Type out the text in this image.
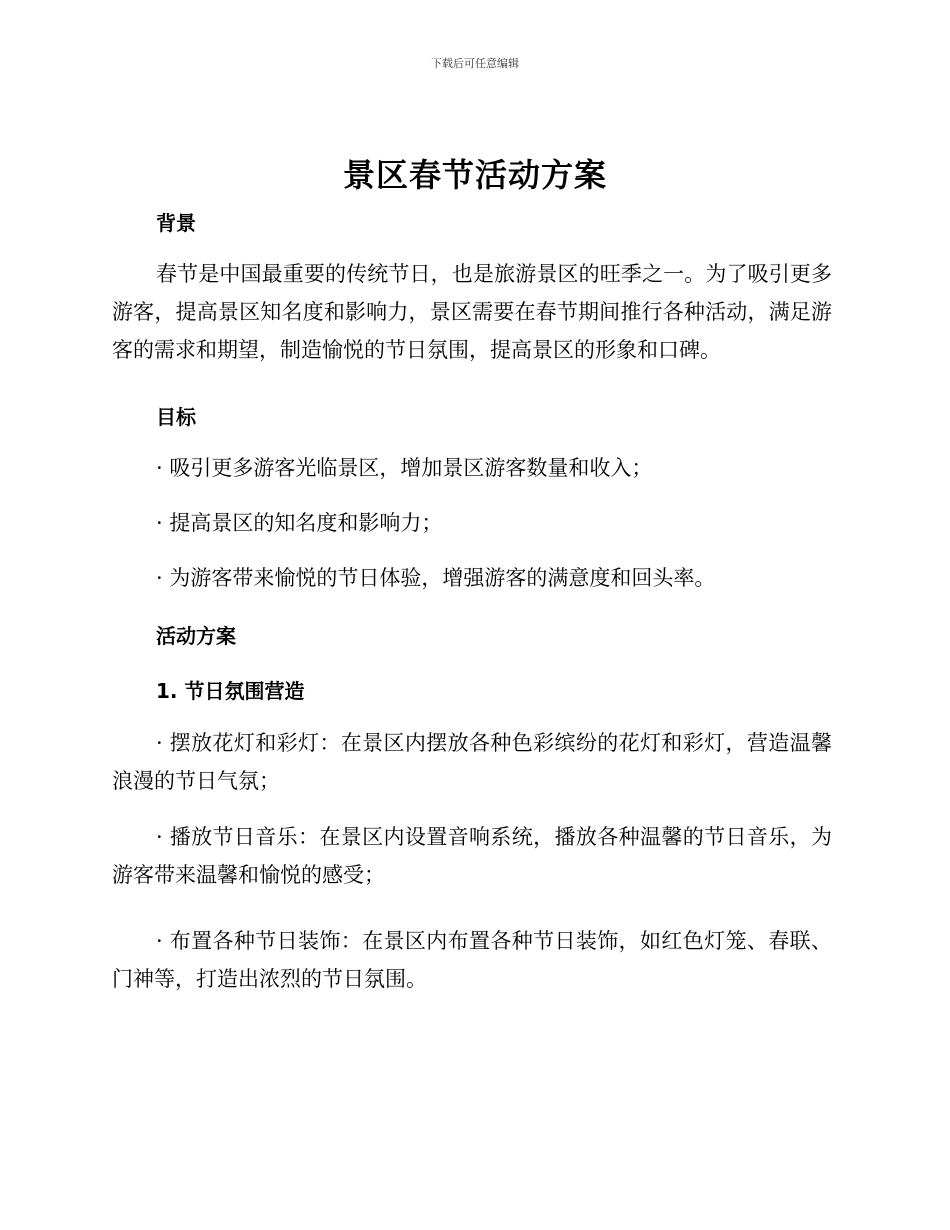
下载后可任意编辑
景区春节活动方案
背景
春节是中国最重要的传统节日，也是旅游景区的旺季之一。为了吸引更多游客，提高景区知名度和影响力，景区需要在春节期间推行各种活动，满足游客的需求和期望，制造愉悦的节日氛围，提高景区的形象和口碑。
目标
· 吸引更多游客光临景区，增加景区游客数量和收入；
· 提高景区的知名度和影响力；
· 为游客带来愉悦的节日体验，增强游客的满意度和回头率。
活动方案
1. 节日氛围营造
· 摆放花灯和彩灯：在景区内摆放各种色彩缤纷的花灯和彩灯，营造温馨浪漫的节日气氛；
· 播放节日音乐：在景区内设置音响系统，播放各种温馨的节日音乐，为游客带来温馨和愉悦的感受；
· 布置各种节日装饰：在景区内布置各种节日装饰，如红色灯笼、春联、门神等，打造出浓烈的节日氛围。
